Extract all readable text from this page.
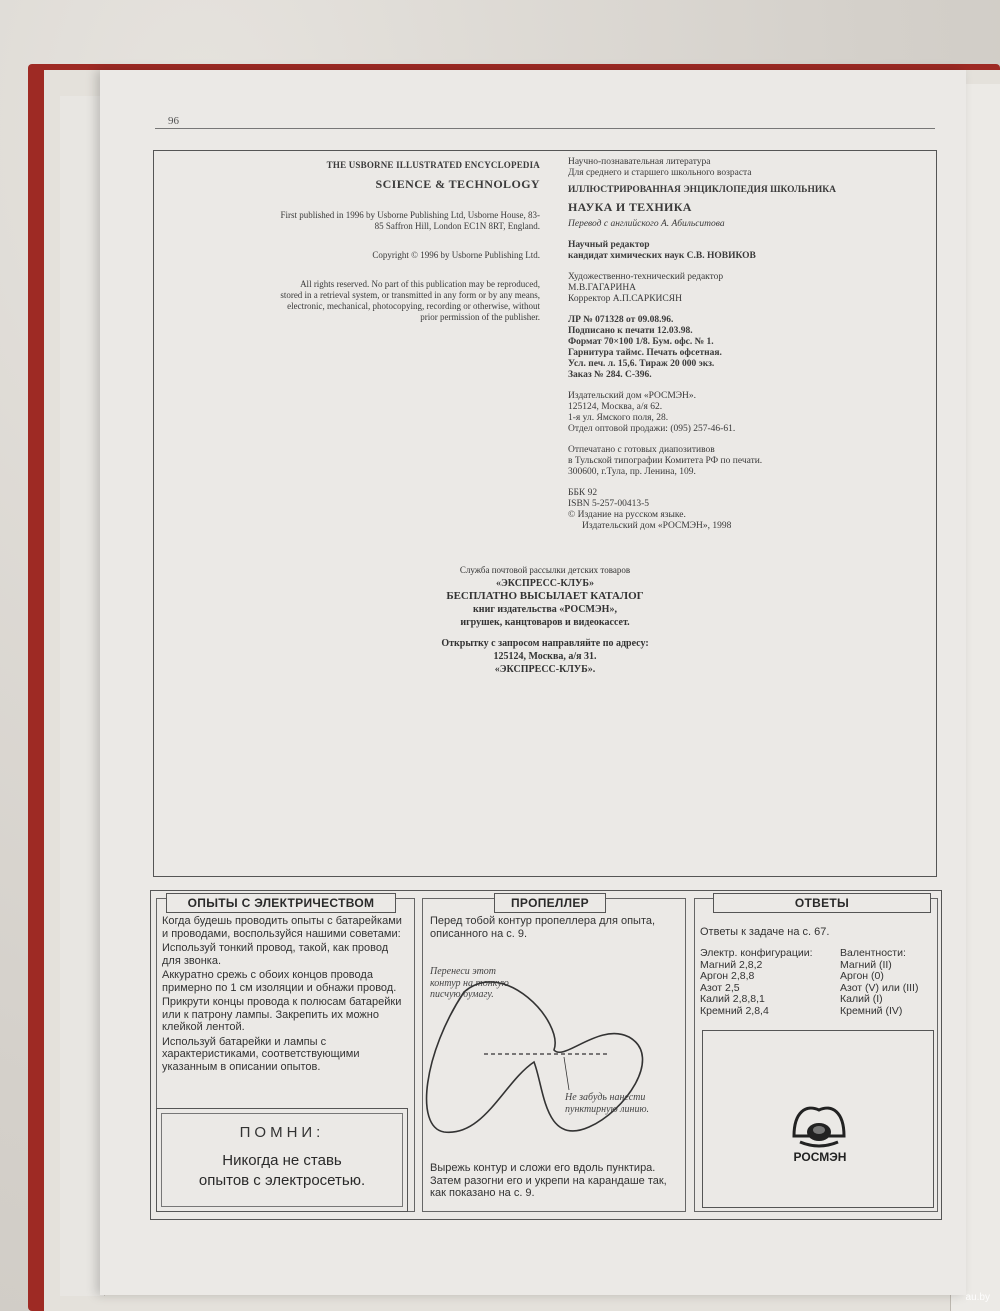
96

THE USBORNE ILLUSTRATED ENCYCLOPEDIA

SCIENCE & TECHNOLOGY

First published in 1996 by Usborne Publishing Ltd, Usborne House, 83-85 Saffron Hill, London EC1N 8RT, England.

Copyright © 1996 by Usborne Publishing Ltd.

All rights reserved. No part of this publication may be reproduced, stored in a retrieval system, or transmitted in any form or by any means, electronic, mechanical, photocopying, recording or otherwise, without prior permission of the publisher.

Научно-познавательная литература

Для среднего и старшего школьного возраста

ИЛЛЮСТРИРОВАННАЯ ЭНЦИКЛОПЕДИЯ ШКОЛЬНИКА

НАУКА И ТЕХНИКА

Перевод с английского А. Абильситова

Научный редактор

кандидат химических наук С.В. НОВИКОВ

Художественно-технический редактор

М.В.ГАГАРИНА

Корректор А.П.САРКИСЯН

ЛР № 071328 от 09.08.96.

Подписано к печати 12.03.98.

Формат 70×100 1/8. Бум. офс. № 1.

Гарнитура таймс. Печать офсетная.

Усл. печ. л. 15,6. Тираж 20 000 экз.

Заказ № 284. С-396.

Издательский дом «РОСМЭН».

125124, Москва, а/я 62.

1-я ул. Ямского поля, 28.

Отдел оптовой продажи: (095) 257-46-61.

Отпечатано с готовых диапозитивов

в Тульской типографии Комитета РФ по печати.

300600, г.Тула, пр. Ленина, 109.

ББК 92

ISBN 5-257-00413-5

© Издание на русском языке.

Издательский дом «РОСМЭН», 1998

Служба почтовой рассылки детских товаров

«ЭКСПРЕСС-КЛУБ»

БЕСПЛАТНО ВЫСЫЛАЕТ КАТАЛОГ

книг издательства «РОСМЭН»,

игрушек, канцтоваров и видеокассет.

Открытку с запросом направляйте по адресу:

125124, Москва, а/я 31.

«ЭКСПРЕСС-КЛУБ».

ОПЫТЫ С ЭЛЕКТРИЧЕСТВОМ	ПРОПЕЛЛЕР	ОТВЕТЫ

Когда будешь проводить опыты с батарейками и проводами, воспользуйся нашими советами:

Используй тонкий провод, такой, как провод для звонка.

Аккуратно срежь с обоих концов провода примерно по 1 см изоляции и обнажи провод.

Прикрути концы провода к полюсам батарейки или к патрону лампы. Закрепить их можно клейкой лентой.

Используй батарейки и лампы с характеристиками, соответствующими указанным в описании опытов.

ПОМНИ:
Никогда не ставь
опытов с электросетью.
Перед тобой контур пропеллера для опыта, описанного на с. 9.
Перенеси этот контур на тонкую писчую бумагу.
Не забудь нанести пунктирную линию.
Вырежь контур и сложи его вдоль пунктира. Затем разогни его и укрепи на карандаше так, как показано на с. 9.
Ответы к задаче на с. 67.

Электр. конфигурации:

Магний 2,8,2

Аргон 2,8,8

Азот 2,5

Калий 2,8,8,1

Кремний 2,8,4

Валентности:

Магний (II)

Аргон (0)

Азот (V) или (III)

Калий (I)

Кремний (IV)

РОСМЭН
au.by
